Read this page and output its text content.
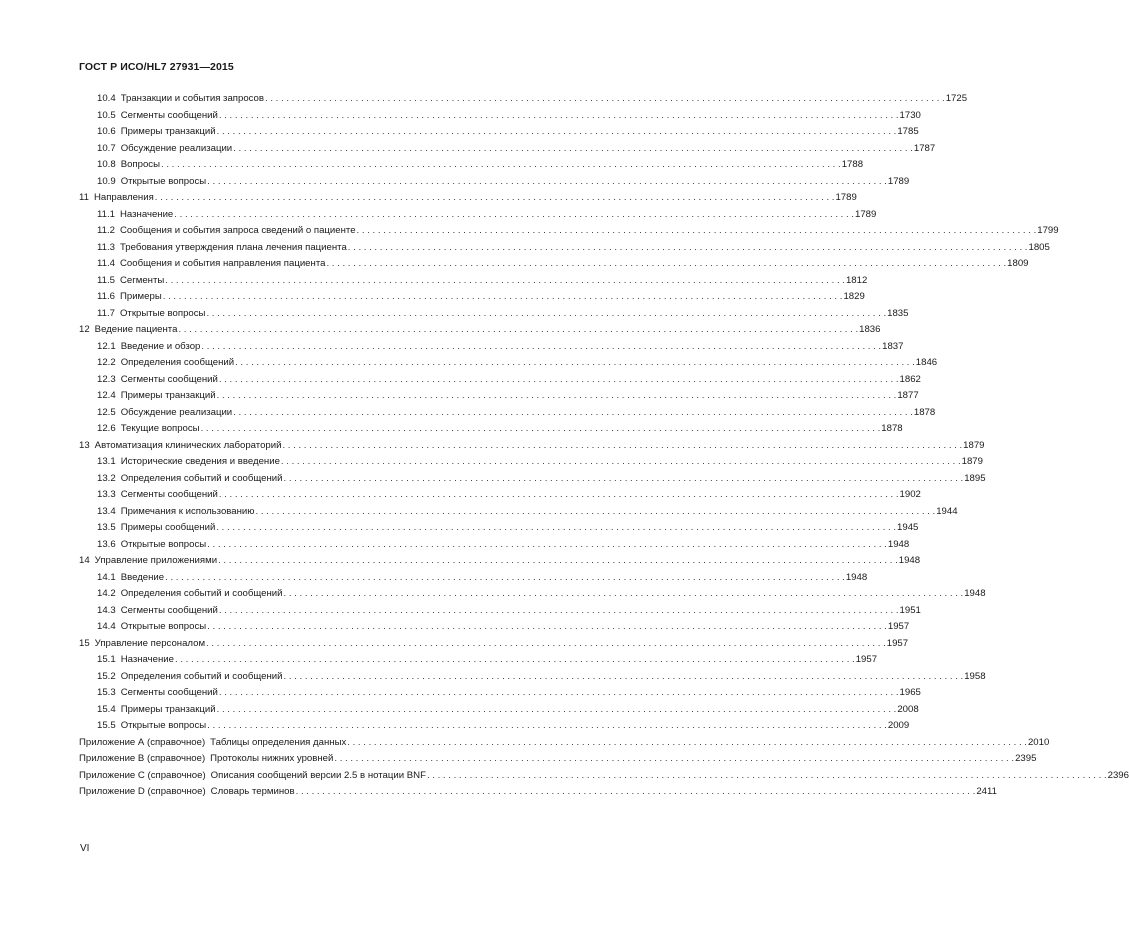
ГОСТ Р ИСО/HL7 27931—2015
10.4 Транзакции и события запросов . . .	1725
10.5 Сегменты сообщений . . .	1730
10.6 Примеры транзакций . . .	1785
10.7 Обсуждение реализации . . .	1787
10.8 Вопросы . . .	1788
10.9 Открытые вопросы . . .	1789
11 Направления . . .	1789
11.1 Назначение . . .	1789
11.2 Сообщения и события запроса сведений о пациенте . . .	1799
11.3 Требования утверждения плана лечения пациента . . .	1805
11.4 Сообщения и события направления пациента . . .	1809
11.5 Сегменты . . .	1812
11.6 Примеры . . .	1829
11.7 Открытые вопросы . . .	1835
12 Ведение пациента . . .	1836
12.1 Введение и обзор . . .	1837
12.2 Определения сообщений . . .	1846
12.3 Сегменты сообщений . . .	1862
12.4 Примеры транзакций . . .	1877
12.5 Обсуждение реализации . . .	1878
12.6 Текущие вопросы . . .	1878
13 Автоматизация клинических лабораторий . . .	1879
13.1 Исторические сведения и введение . . .	1879
13.2 Определения событий и сообщений . . .	1895
13.3 Сегменты сообщений . . .	1902
13.4 Примечания к использованию . . .	1944
13.5 Примеры сообщений . . .	1945
13.6 Открытые вопросы . . .	1948
14 Управление приложениями . . .	1948
14.1 Введение . . .	1948
14.2 Определения событий и сообщений . . .	1948
14.3 Сегменты сообщений . . .	1951
14.4 Открытые вопросы . . .	1957
15 Управление персоналом . . .	1957
15.1 Назначение . . .	1957
15.2 Определения событий и сообщений . . .	1958
15.3 Сегменты сообщений . . .	1965
15.4 Примеры транзакций . . .	2008
15.5 Открытые вопросы . . .	2009
Приложение А (справочное) Таблицы определения данных . . .	2010
Приложение В (справочное) Протоколы нижних уровней . . .	2395
Приложение С (справочное) Описания сообщений версии 2.5 в нотации BNF . . .	2396
Приложение D (справочное) Словарь терминов . . .	2411
VI
